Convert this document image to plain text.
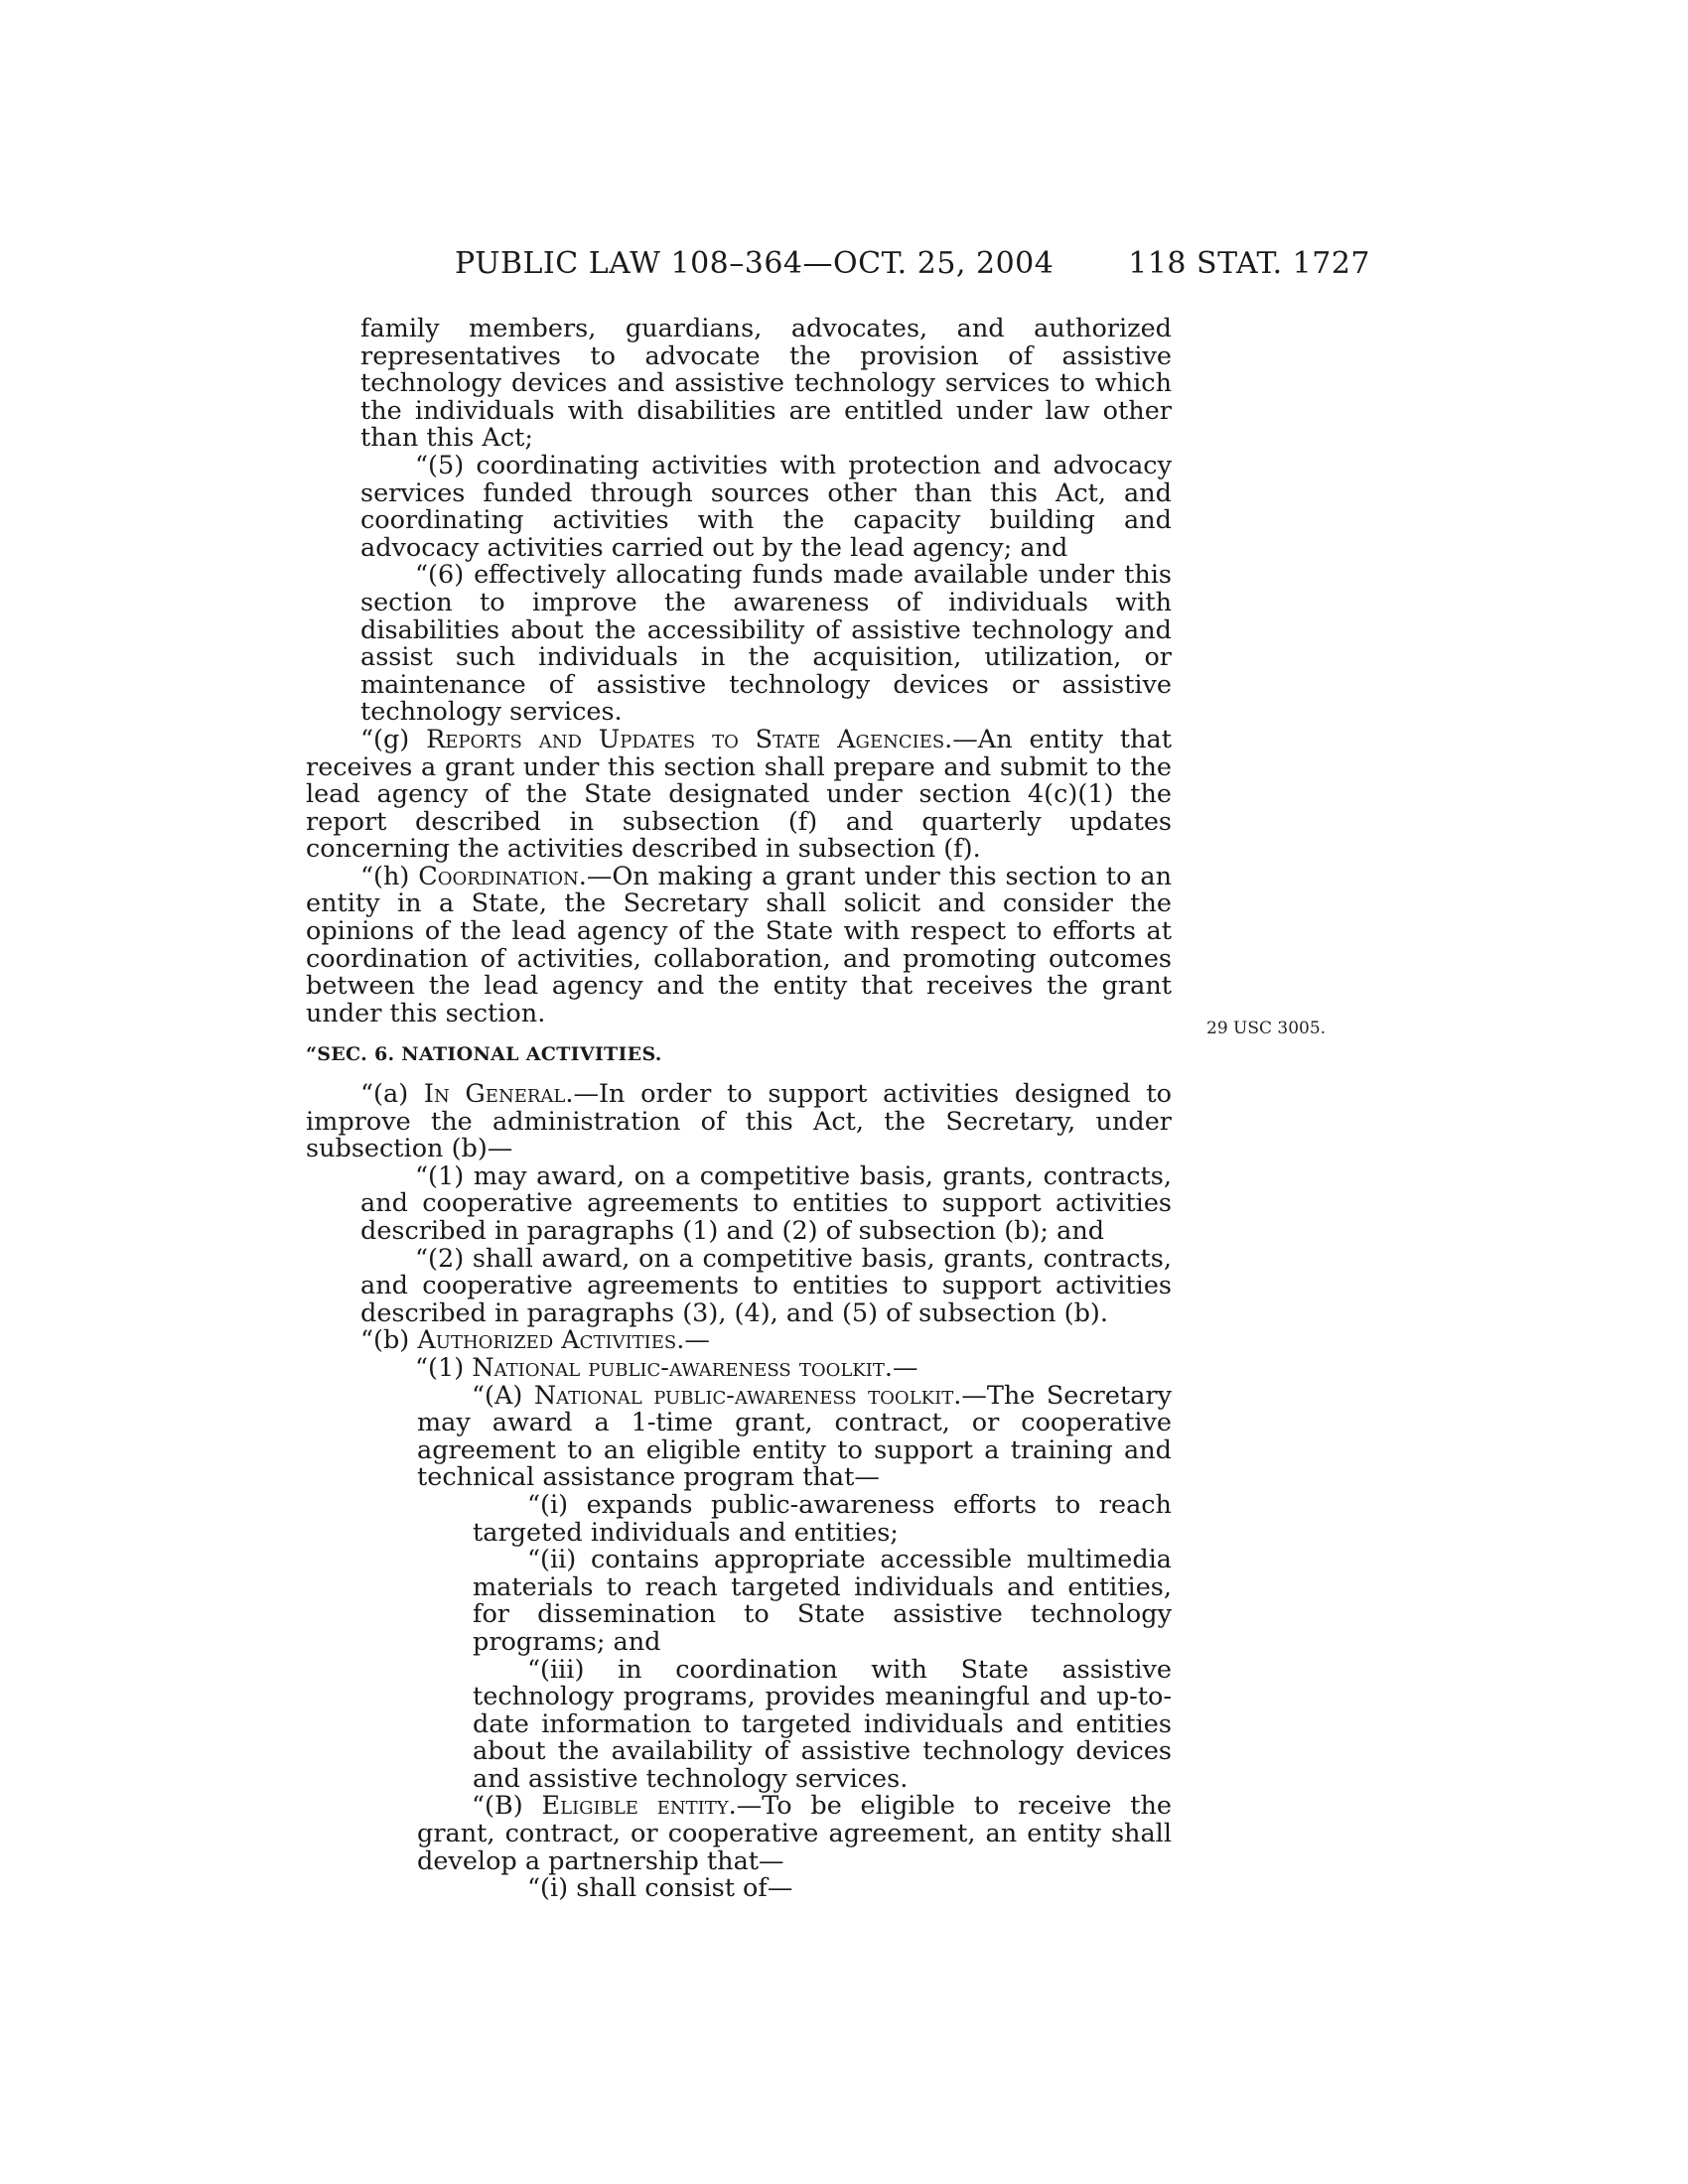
PUBLIC LAW 108–364—OCT. 25, 2004 118 STAT. 1727
29 USC 3005.

family members, guardians, advocates, and authorized representatives to advocate the provision of assistive technology devices and assistive technology services to which the individuals with disabilities are entitled under law other than this Act;

“(5) coordinating activities with protection and advocacy services funded through sources other than this Act, and coordinating activities with the capacity building and advocacy activities carried out by the lead agency; and

“(6) effectively allocating funds made available under this section to improve the awareness of individuals with disabilities about the accessibility of assistive technology and assist such individuals in the acquisition, utilization, or maintenance of assistive technology devices or assistive technology services.

“(g) Reports and Updates to State Agencies.—An entity that receives a grant under this section shall prepare and submit to the lead agency of the State designated under section 4(c)(1) the report described in subsection (f) and quarterly updates concerning the activities described in subsection (f).

“(h) Coordination.—On making a grant under this section to an entity in a State, the Secretary shall solicit and consider the opinions of the lead agency of the State with respect to efforts at coordination of activities, collaboration, and promoting outcomes between the lead agency and the entity that receives the grant under this section.

“SEC. 6. NATIONAL ACTIVITIES.

“(a) In General.—In order to support activities designed to improve the administration of this Act, the Secretary, under subsection (b)—

“(1) may award, on a competitive basis, grants, contracts, and cooperative agreements to entities to support activities described in paragraphs (1) and (2) of subsection (b); and

“(2) shall award, on a competitive basis, grants, contracts, and cooperative agreements to entities to support activities described in paragraphs (3), (4), and (5) of subsection (b).

“(b) Authorized Activities.—

“(1) National public-awareness toolkit.—

“(A) National public-awareness toolkit.—The Secretary may award a 1-time grant, contract, or cooperative agreement to an eligible entity to support a training and technical assistance program that—

“(i) expands public-awareness efforts to reach targeted individuals and entities;

“(ii) contains appropriate accessible multimedia materials to reach targeted individuals and entities, for dissemination to State assistive technology programs; and

“(iii) in coordination with State assistive technology programs, provides meaningful and up-to-date information to targeted individuals and entities about the availability of assistive technology devices and assistive technology services.

“(B) Eligible entity.—To be eligible to receive the grant, contract, or cooperative agreement, an entity shall develop a partnership that—

“(i) shall consist of—
